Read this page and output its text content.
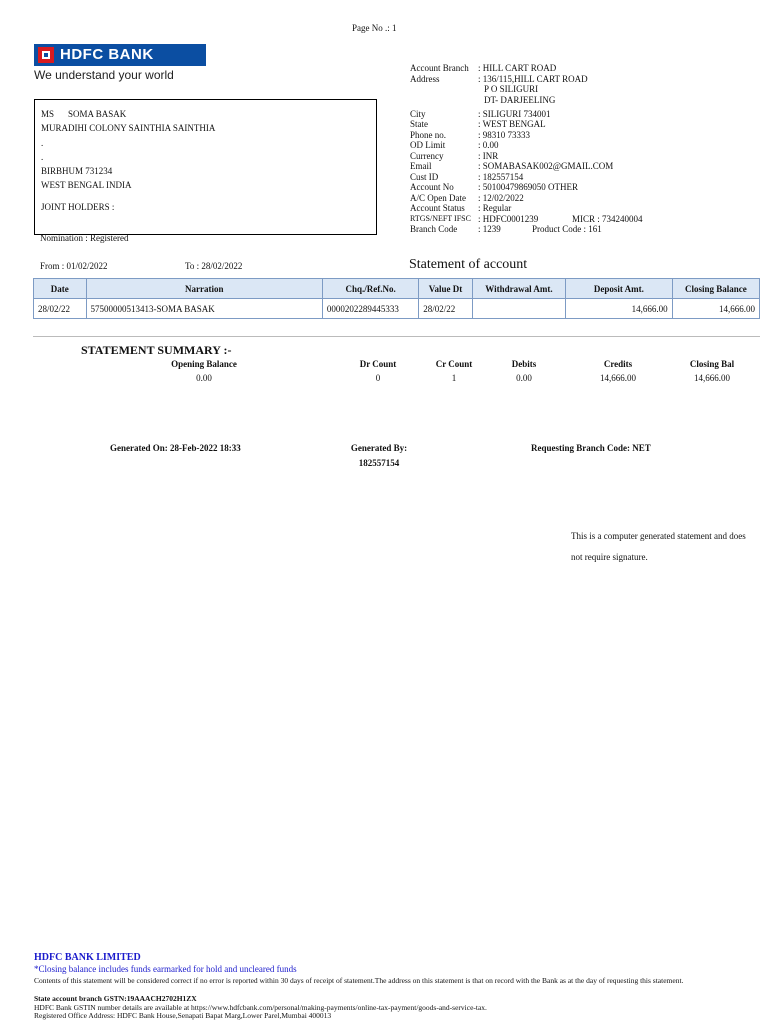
Page No .: 1
HDFC BANK
We understand your world
MS SOMA BASAK
MURADIHI COLONY SAINTHIA SAINTHIA
.
.
BIRBHUM 731234
WEST BENGAL INDIA
JOINT HOLDERS :
Nomination : Registered
Account Branch : HILL CART ROAD
Address	: 136/115,HILL CART ROAD
P O SILIGURI
DT- DARJEELING
City	: SILIGURI 734001
State	: WEST BENGAL
Phone no.	: 98310 73333
OD Limit	: 0.00
Currency	: INR
Email	: SOMABASAK002@GMAIL.COM
Cust ID	: 182557154
Account No	: 50100479869050 OTHER
A/C Open Date : 12/02/2022
Account Status : Regular
RTGS/NEFT IFSC : HDFC0001239	MICR : 734240004
Branch Code : 1239	Product Code : 161
From : 01/02/2022	To : 28/02/2022	Statement of account
Date	Narration	Chq./Ref.No.	Value Dt	Withdrawal Amt.	Deposit Amt.	Closing Balance
28/02/22	57500000513413-SOMA BASAK	0000202289445333	28/02/22		14,666.00	14,666.00
STATEMENT SUMMARY :-
Opening Balance	Dr Count	Cr Count	Debits	Credits	Closing Bal
0.00	0	1	0.00	14,666.00	14,666.00
Generated On: 28-Feb-2022 18:33	Generated By:
182557154
Requesting Branch Code: NET
This is a computer generated statement and does
not require signature.
HDFC BANK LIMITED
*Closing balance includes funds earmarked for hold and uncleared funds
Contents of this statement will be considered correct if no error is reported within 30 days of receipt of statement.The address on this statement is that on record with the Bank as at the day of requesting this statement.
State account branch GSTN:19AAACH2702H1ZX
HDFC Bank GSTIN number details are available at https://www.hdfcbank.com/personal/making-payments/online-tax-payment/goods-and-service-tax.
Registered Office Address: HDFC Bank House,Senapati Bapat Marg,Lower Parel,Mumbai 400013
